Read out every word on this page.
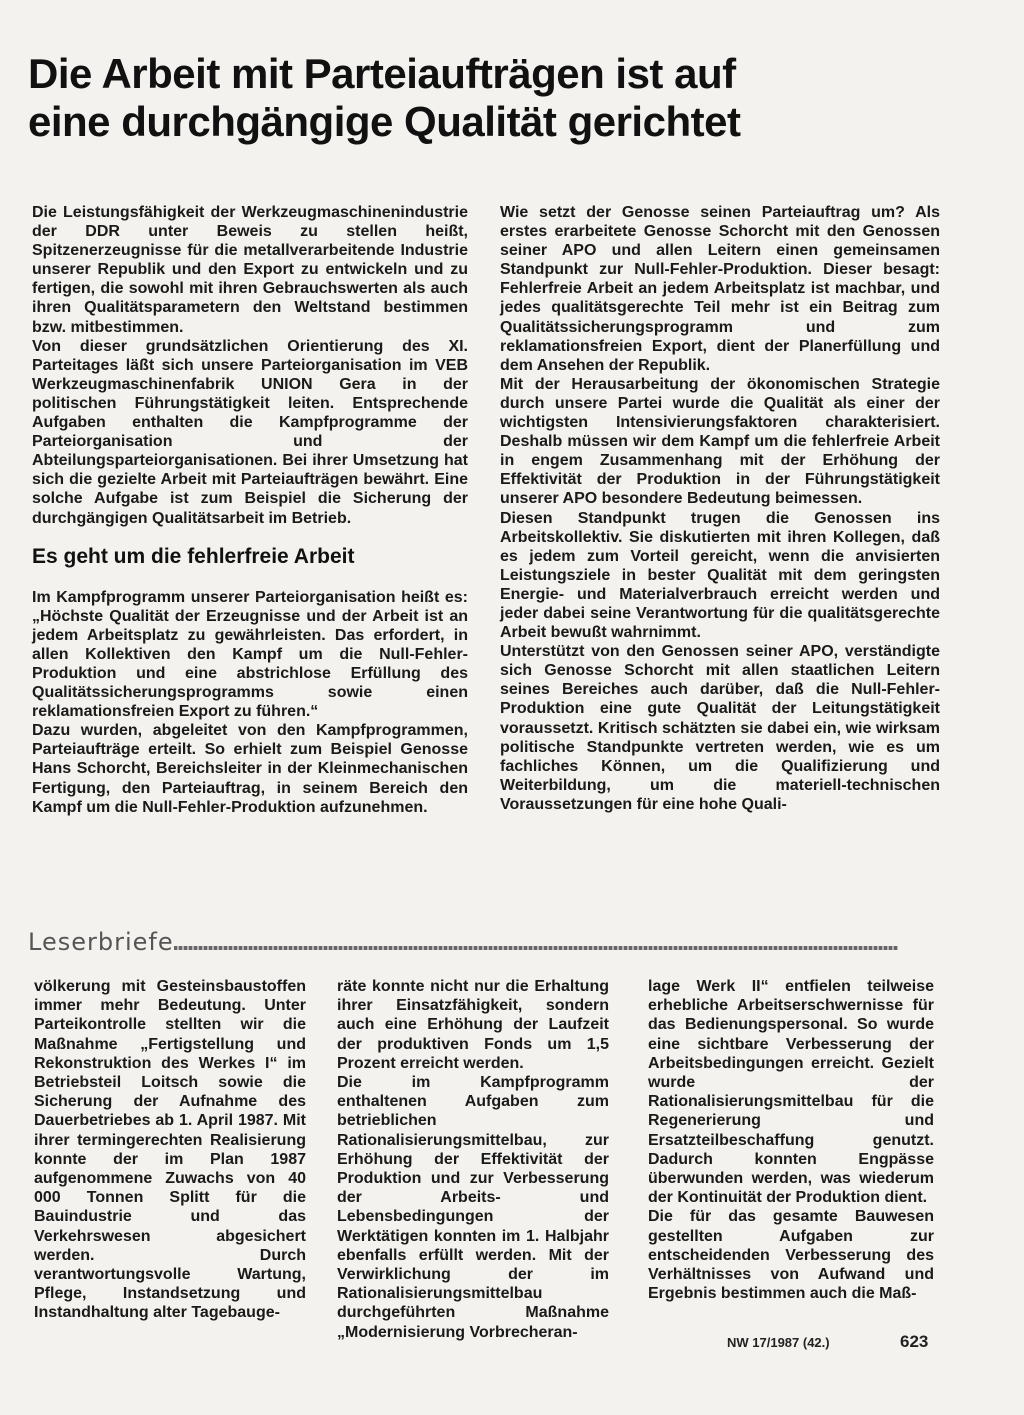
Die Arbeit mit Parteiaufträgen ist auf
eine durchgängige Qualität gerichtet

Die Leistungsfähigkeit der Werkzeugmaschinenindustrie der DDR unter Beweis zu stellen heißt, Spitzenerzeugnisse für die metallverarbeitende Industrie unserer Republik und den Export zu entwickeln und zu fertigen, die sowohl mit ihren Gebrauchswerten als auch ihren Qualitätsparametern den Weltstand bestimmen bzw. mitbestimmen.

Von dieser grundsätzlichen Orientierung des XI. Parteitages läßt sich unsere Parteiorganisation im VEB Werkzeugmaschinenfabrik UNION Gera in der politischen Führungstätigkeit leiten. Entsprechende Aufgaben enthalten die Kampfprogramme der Parteiorganisation und der Abteilungsparteiorganisationen. Bei ihrer Umsetzung hat sich die gezielte Arbeit mit Parteiaufträgen bewährt. Eine solche Aufgabe ist zum Beispiel die Sicherung der durchgängigen Qualitätsarbeit im Betrieb.

Es geht um die fehlerfreie Arbeit

Im Kampfprogramm unserer Parteiorganisation heißt es: „Höchste Qualität der Erzeugnisse und der Arbeit ist an jedem Arbeitsplatz zu gewährleisten. Das erfordert, in allen Kollektiven den Kampf um die Null-Fehler-Produktion und eine abstrichlose Erfüllung des Qualitätssicherungsprogramms sowie einen reklamationsfreien Export zu führen.“

Dazu wurden, abgeleitet von den Kampfprogrammen, Parteiaufträge erteilt. So erhielt zum Beispiel Genosse Hans Schorcht, Bereichsleiter in der Kleinmechanischen Fertigung, den Parteiauftrag, in seinem Bereich den Kampf um die Null-Fehler-Produktion aufzunehmen.

Wie setzt der Genosse seinen Parteiauftrag um? Als erstes erarbeitete Genosse Schorcht mit den Genossen seiner APO und allen Leitern einen gemeinsamen Standpunkt zur Null-Fehler-Produktion. Dieser besagt: Fehlerfreie Arbeit an jedem Arbeitsplatz ist machbar, und jedes qualitätsgerechte Teil mehr ist ein Beitrag zum Qualitätssicherungsprogramm und zum reklamationsfreien Export, dient der Planerfüllung und dem Ansehen der Republik.

Mit der Herausarbeitung der ökonomischen Strategie durch unsere Partei wurde die Qualität als einer der wichtigsten Intensivierungsfaktoren charakterisiert. Deshalb müssen wir dem Kampf um die fehlerfreie Arbeit in engem Zusammenhang mit der Erhöhung der Effektivität der Produktion in der Führungstätigkeit unserer APO besondere Bedeutung beimessen.

Diesen Standpunkt trugen die Genossen ins Arbeitskollektiv. Sie diskutierten mit ihren Kollegen, daß es jedem zum Vorteil gereicht, wenn die anvisierten Leistungsziele in bester Qualität mit dem geringsten Energie- und Materialverbrauch erreicht werden und jeder dabei seine Verantwortung für die qualitätsgerechte Arbeit bewußt wahrnimmt.

Unterstützt von den Genossen seiner APO, verständigte sich Genosse Schorcht mit allen staatlichen Leitern seines Bereiches auch darüber, daß die Null-Fehler-Produktion eine gute Qualität der Leitungstätigkeit voraussetzt. Kritisch schätzten sie dabei ein, wie wirksam politische Standpunkte vertreten werden, wie es um fachliches Können, um die Qualifizierung und Weiterbildung, um die materiell-technischen Voraussetzungen für eine hohe Quali-

Leserbriefe

völkerung mit Gesteinsbaustoffen immer mehr Bedeutung. Unter Parteikontrolle stellten wir die Maßnahme „Fertigstellung und Rekonstruktion des Werkes I“ im Betriebsteil Loitsch sowie die Sicherung der Aufnahme des Dauerbetriebes ab 1. April 1987. Mit ihrer termingerechten Realisierung konnte der im Plan 1987 aufgenommene Zuwachs von 40 000 Tonnen Splitt für die Bauindustrie und das Verkehrswesen abgesichert werden. Durch verantwortungsvolle Wartung, Pflege, Instandsetzung und Instandhaltung alter Tagebauge-

räte konnte nicht nur die Erhaltung ihrer Einsatzfähigkeit, sondern auch eine Erhöhung der Laufzeit der produktiven Fonds um 1,5 Prozent erreicht werden.

Die im Kampfprogramm enthaltenen Aufgaben zum betrieblichen Rationalisierungsmittelbau, zur Erhöhung der Effektivität der Produktion und zur Verbesserung der Arbeits- und Lebensbedingungen der Werktätigen konnten im 1. Halbjahr ebenfalls erfüllt werden. Mit der Verwirklichung der im Rationalisierungsmittelbau durchgeführten Maßnahme „Modernisierung Vorbrecheran-

lage Werk II“ entfielen teilweise erhebliche Arbeitserschwernisse für das Bedienungspersonal. So wurde eine sichtbare Verbesserung der Arbeitsbedingungen erreicht. Gezielt wurde der Rationalisierungsmittelbau für die Regenerierung und Ersatzteilbeschaffung genutzt. Dadurch konnten Engpässe überwunden werden, was wiederum der Kontinuität der Produktion dient.

Die für das gesamte Bauwesen gestellten Aufgaben zur entscheidenden Verbesserung des Verhältnisses von Aufwand und Ergebnis bestimmen auch die Maß-

NW 17/1987 (42.)	623
